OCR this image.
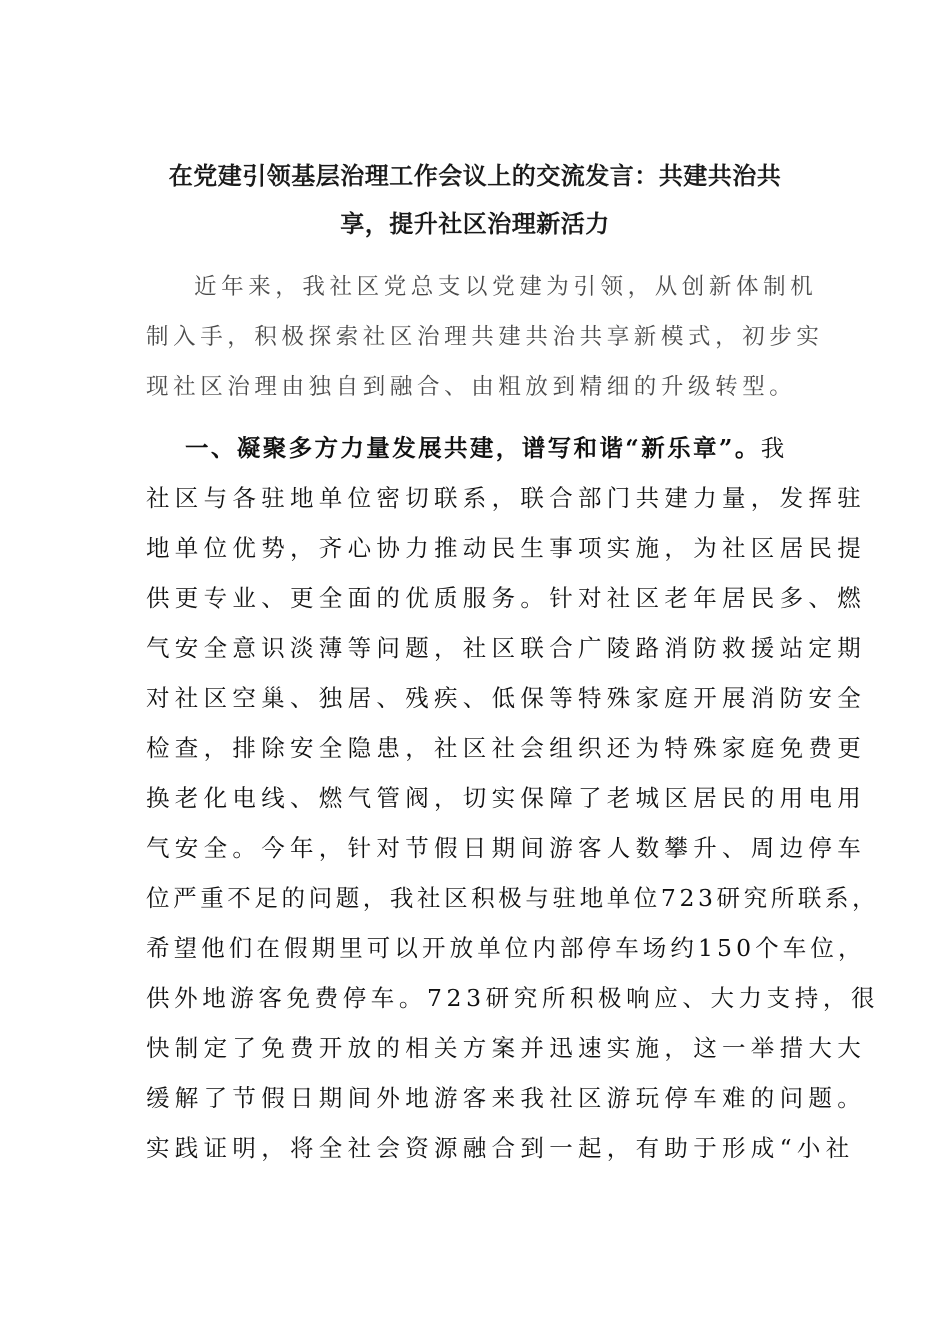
在党建引领基层治理工作会议上的交流发言：共建共治共
享，提升社区治理新活力
近年来，我社区党总支以党建为引领，从创新体制机
制入手，积极探索社区治理共建共治共享新模式，初步实
现社区治理由独自到融合、由粗放到精细的升级转型。
一、凝聚多方力量发展共建，谱写和谐“新乐章”。我
社区与各驻地单位密切联系，联合部门共建力量，发挥驻
地单位优势，齐心协力推动民生事项实施，为社区居民提
供更专业、更全面的优质服务。针对社区老年居民多、燃
气安全意识淡薄等问题，社区联合广陵路消防救援站定期
对社区空巢、独居、残疾、低保等特殊家庭开展消防安全
检查，排除安全隐患，社区社会组织还为特殊家庭免费更
换老化电线、燃气管阀，切实保障了老城区居民的用电用
气安全。今年，针对节假日期间游客人数攀升、周边停车
位严重不足的问题，我社区积极与驻地单位723研究所联系，
希望他们在假期里可以开放单位内部停车场约150个车位，
供外地游客免费停车。723研究所积极响应、大力支持，很
快制定了免费开放的相关方案并迅速实施，这一举措大大
缓解了节假日期间外地游客来我社区游玩停车难的问题。
实践证明，将全社会资源融合到一起，有助于形成“小社
